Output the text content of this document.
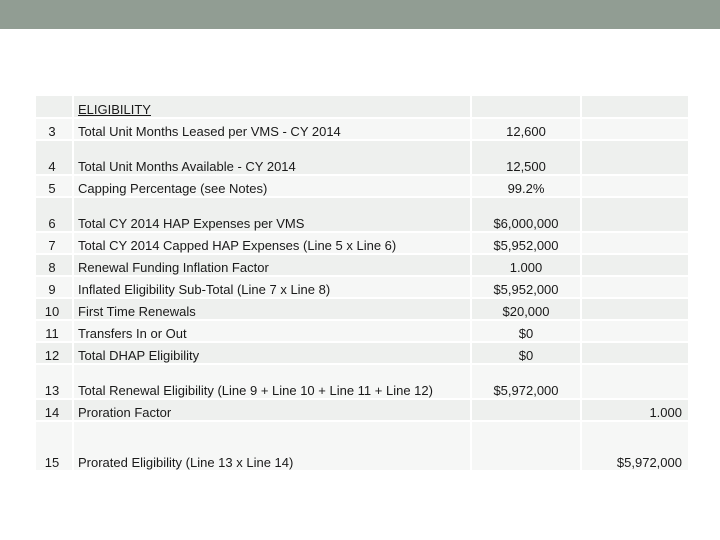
	ELIGIBILITY		
3	Total Unit Months Leased per VMS - CY 2014	12,600	
4	Total Unit Months Available - CY 2014	12,500	
5	Capping Percentage (see Notes)	99.2%	
6	Total CY 2014 HAP Expenses per VMS	$6,000,000	
7	Total CY 2014 Capped HAP Expenses (Line 5 x Line 6)	$5,952,000	
8	Renewal Funding Inflation Factor	1.000	
9	Inflated Eligibility Sub-Total (Line 7 x Line 8)	$5,952,000	
10	First Time Renewals	$20,000	
11	Transfers In or Out	$0	
12	Total DHAP Eligibility	$0	
13	Total Renewal Eligibility (Line 9 + Line 10 + Line 11 + Line 12)	$5,972,000	
14	Proration Factor		1.000
15	Prorated Eligibility (Line 13 x Line 14)		$5,972,000
